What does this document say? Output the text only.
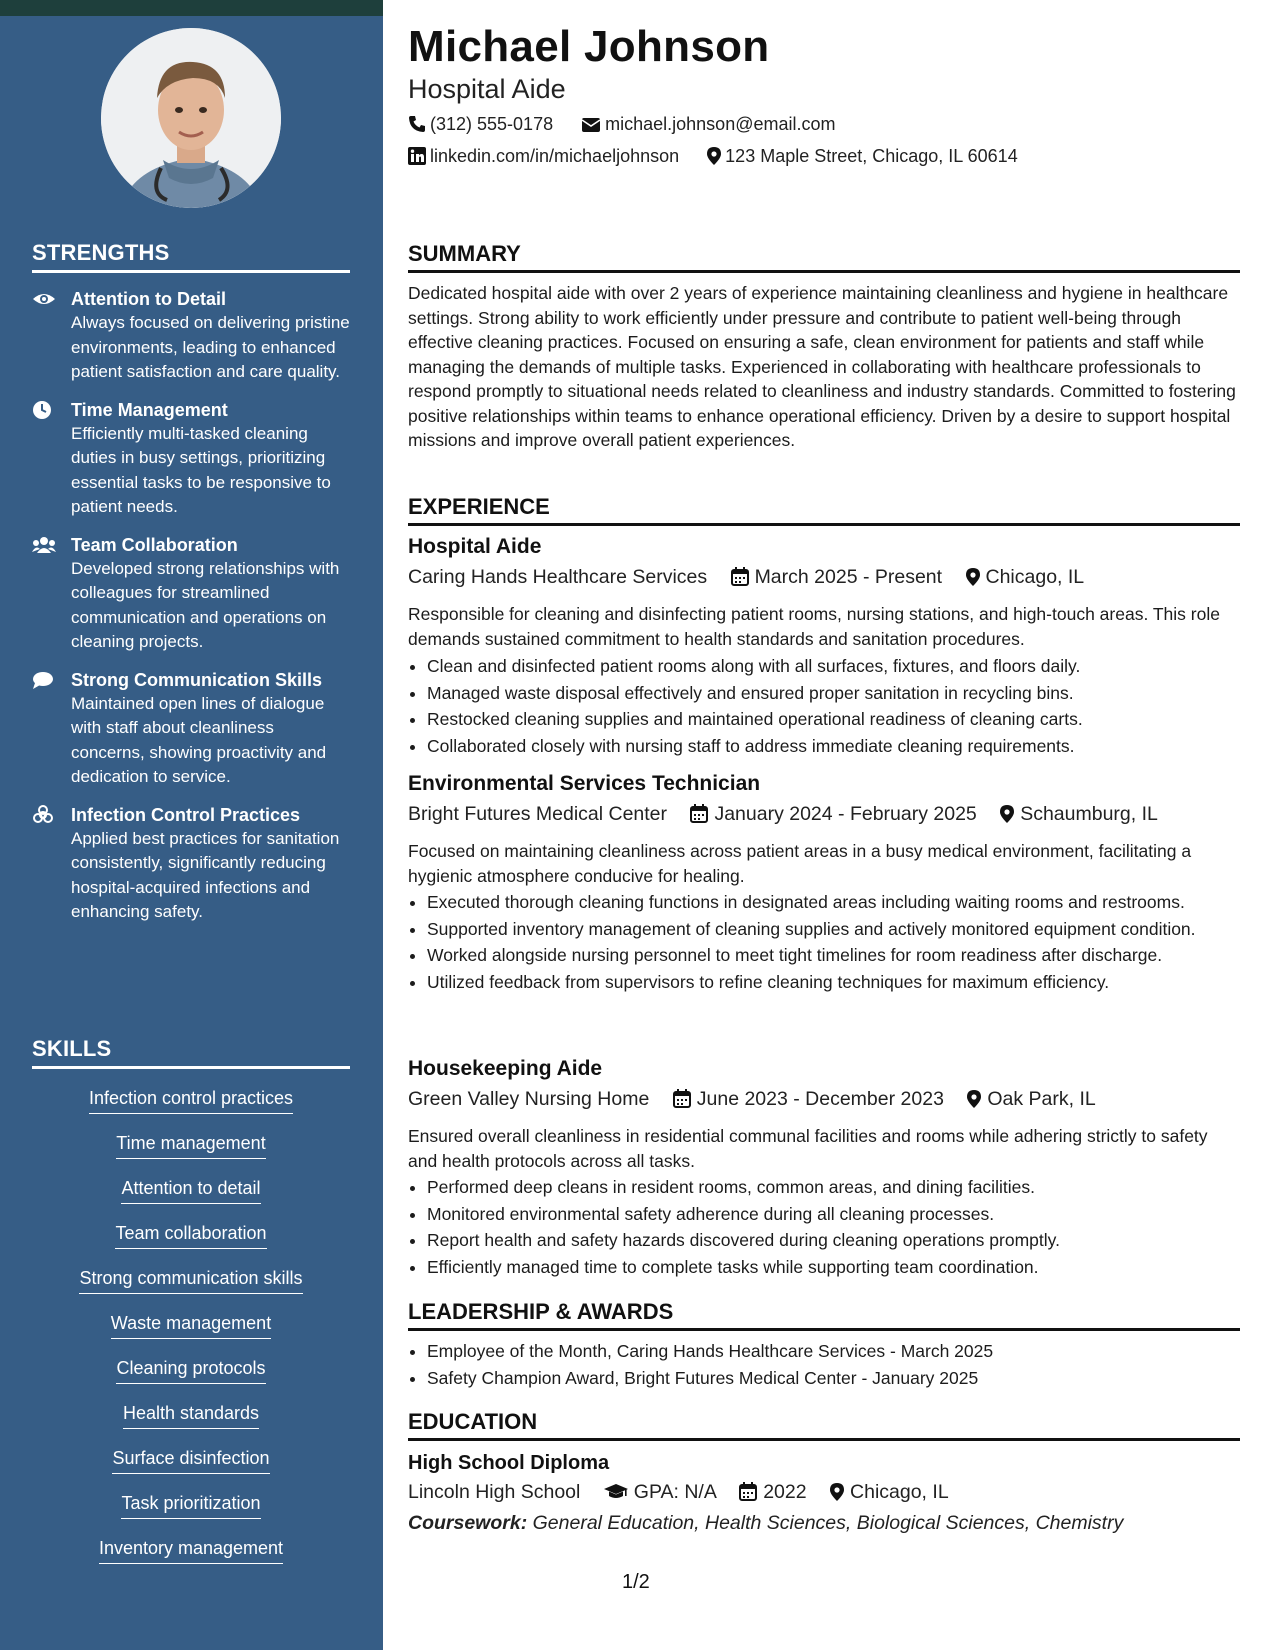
STRENGTHS
Attention to Detail
Always focused on delivering pristine environments, leading to enhanced patient satisfaction and care quality.
Time Management
Efficiently multi-tasked cleaning duties in busy settings, prioritizing essential tasks to be responsive to patient needs.
Team Collaboration
Developed strong relationships with colleagues for streamlined communication and operations on cleaning projects.
Strong Communication Skills
Maintained open lines of dialogue with staff about cleanliness concerns, showing proactivity and dedication to service.
Infection Control Practices
Applied best practices for sanitation consistently, significantly reducing hospital-acquired infections and enhancing safety.
SKILLS
Infection control practices
Time management
Attention to detail
Team collaboration
Strong communication skills
Waste management
Cleaning protocols
Health standards
Surface disinfection
Task prioritization
Inventory management
Michael Johnson
Hospital Aide
(312) 555-0178	michael.johnson@email.com
linkedin.com/in/michaeljohnson	123 Maple Street, Chicago, IL 60614
SUMMARY
Dedicated hospital aide with over 2 years of experience maintaining cleanliness and hygiene in healthcare settings. Strong ability to work efficiently under pressure and contribute to patient well-being through effective cleaning practices. Focused on ensuring a safe, clean environment for patients and staff while managing the demands of multiple tasks. Experienced in collaborating with healthcare professionals to respond promptly to situational needs related to cleanliness and industry standards. Committed to fostering positive relationships within teams to enhance operational efficiency. Driven by a desire to support hospital missions and improve overall patient experiences.
EXPERIENCE
Hospital Aide
Caring Hands Healthcare Services March 2025 - Present Chicago, IL
Responsible for cleaning and disinfecting patient rooms, nursing stations, and high-touch areas. This role demands sustained commitment to health standards and sanitation procedures.
• Clean and disinfected patient rooms along with all surfaces, fixtures, and floors daily.
• Managed waste disposal effectively and ensured proper sanitation in recycling bins.
• Restocked cleaning supplies and maintained operational readiness of cleaning carts.
• Collaborated closely with nursing staff to address immediate cleaning requirements.
Environmental Services Technician
Bright Futures Medical Center January 2024 - February 2025 Schaumburg, IL
Focused on maintaining cleanliness across patient areas in a busy medical environment, facilitating a hygienic atmosphere conducive for healing.
• Executed thorough cleaning functions in designated areas including waiting rooms and restrooms.
• Supported inventory management of cleaning supplies and actively monitored equipment condition.
• Worked alongside nursing personnel to meet tight timelines for room readiness after discharge.
• Utilized feedback from supervisors to refine cleaning techniques for maximum efficiency.
Housekeeping Aide
Green Valley Nursing Home June 2023 - December 2023 Oak Park, IL
Ensured overall cleanliness in residential communal facilities and rooms while adhering strictly to safety and health protocols across all tasks.
• Performed deep cleans in resident rooms, common areas, and dining facilities.
• Monitored environmental safety adherence during all cleaning processes.
• Report health and safety hazards discovered during cleaning operations promptly.
• Efficiently managed time to complete tasks while supporting team coordination.
LEADERSHIP & AWARDS
• Employee of the Month, Caring Hands Healthcare Services - March 2025
• Safety Champion Award, Bright Futures Medical Center - January 2025
EDUCATION
High School Diploma
Lincoln High School	GPA: N/A 2022 Chicago, IL
Coursework: General Education, Health Sciences, Biological Sciences, Chemistry
1/2
